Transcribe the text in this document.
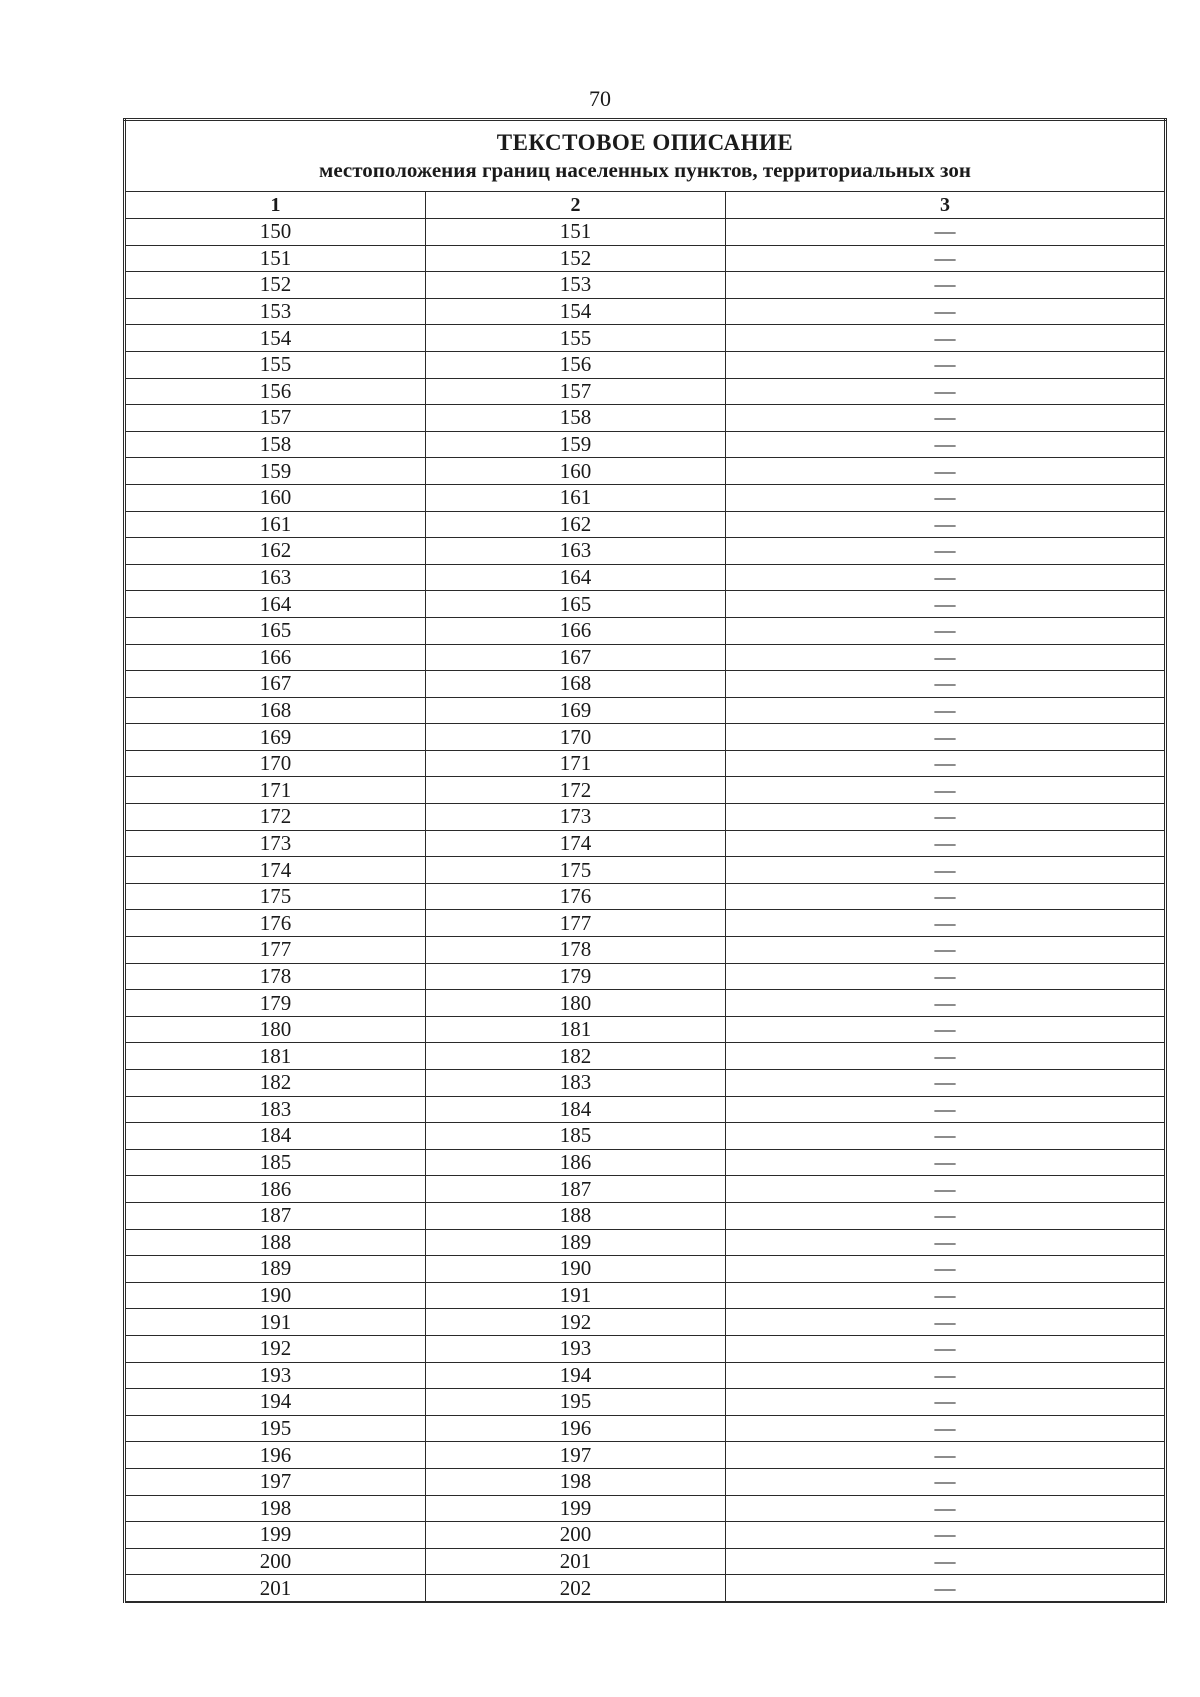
70
ТЕКСТОВОЕ ОПИСАНИЕ
местоположения границ населенных пунктов, территориальных зон		

1	2	3
150	151	—
151	152	—
152	153	—
153	154	—
154	155	—
155	156	—
156	157	—
157	158	—
158	159	—
159	160	—
160	161	—
161	162	—
162	163	—
163	164	—
164	165	—
165	166	—
166	167	—
167	168	—
168	169	—
169	170	—
170	171	—
171	172	—
172	173	—
173	174	—
174	175	—
175	176	—
176	177	—
177	178	—
178	179	—
179	180	—
180	181	—
181	182	—
182	183	—
183	184	—
184	185	—
185	186	—
186	187	—
187	188	—
188	189	—
189	190	—
190	191	—
191	192	—
192	193	—
193	194	—
194	195	—
195	196	—
196	197	—
197	198	—
198	199	—
199	200	—
200	201	—
201	202	—
